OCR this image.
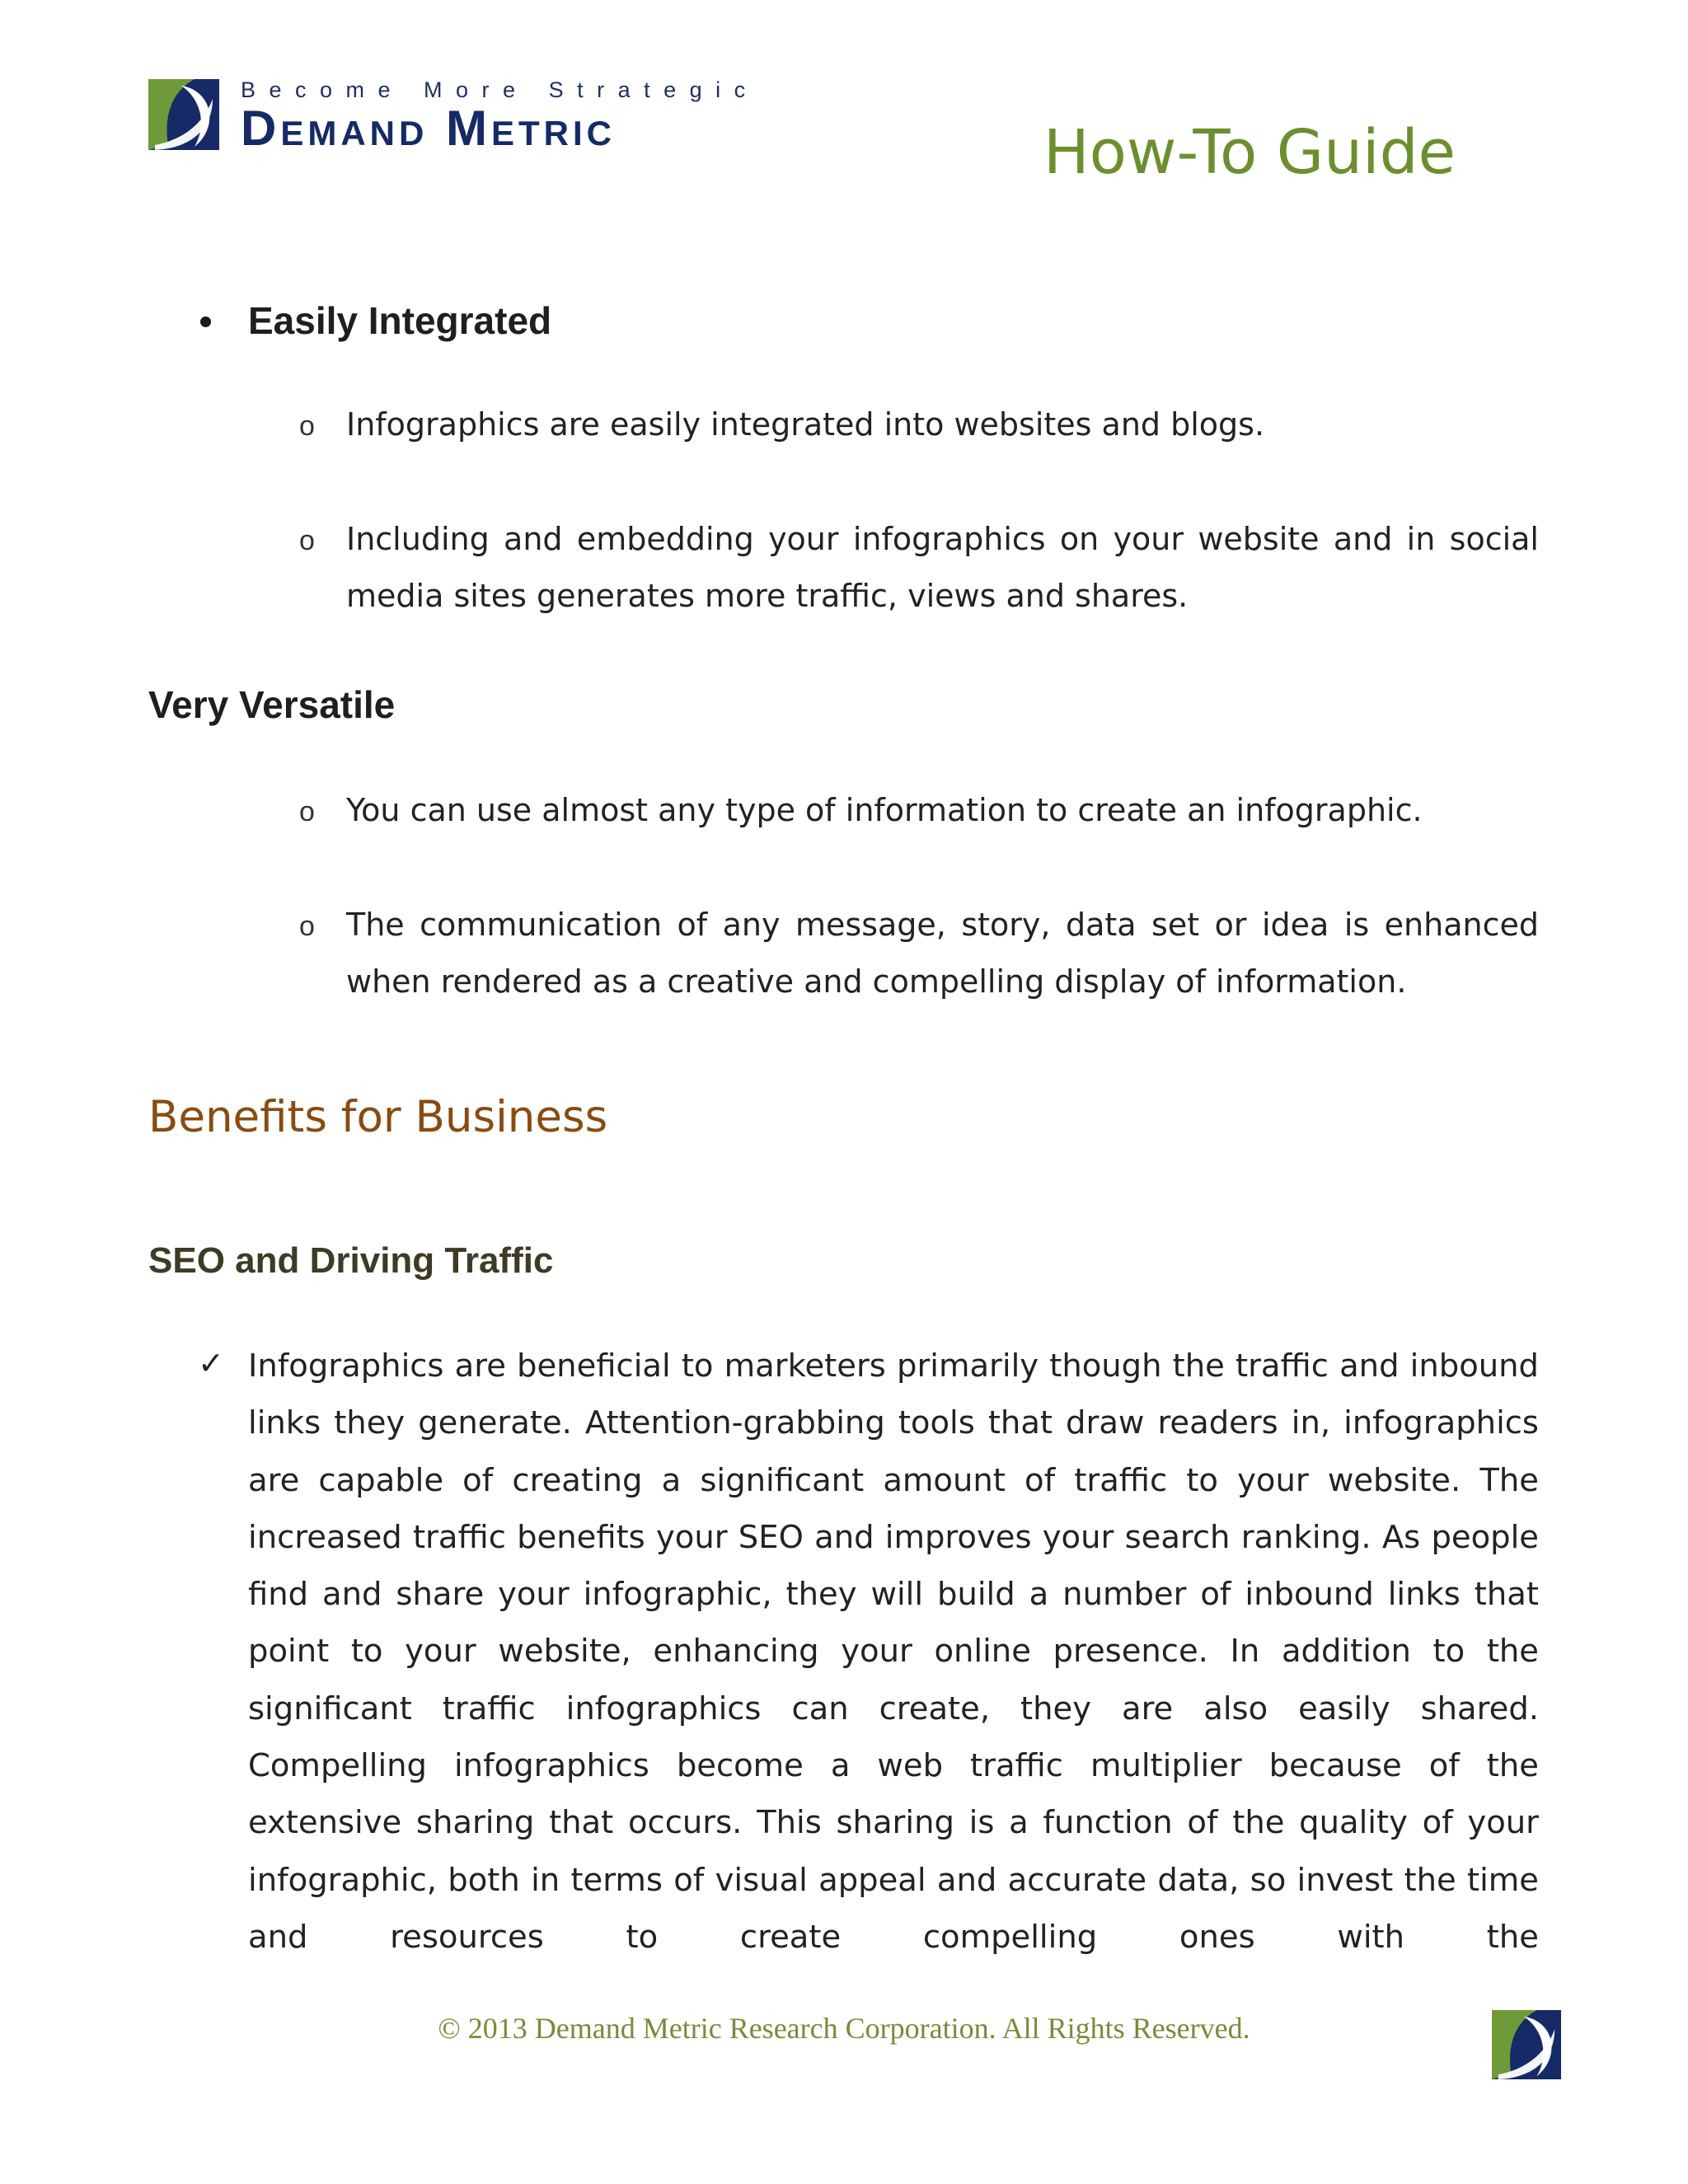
Become More Strategic
Demand Metric	How-To Guide
Easily Integrated
o Infographics are easily integrated into websites and blogs.
o Including and embedding your infographics on your website and in social media sites generates more traffic, views and shares.
Very Versatile
o You can use almost any type of information to create an infographic.
o The communication of any message, story, data set or idea is enhanced when rendered as a creative and compelling display of information.
Benefits for Business
SEO and Driving Traffic
✓ Infographics are beneficial to marketers primarily though the traffic and inbound links they generate. Attention-grabbing tools that draw readers in, infographics are capable of creating a significant amount of traffic to your website. The increased traffic benefits your SEO and improves your search ranking. As people find and share your infographic, they will build a number of inbound links that point to your website, enhancing your online presence. In addition to the significant traffic infographics can create, they are also easily shared. Compelling infographics become a web traffic multiplier because of the extensive sharing that occurs. This sharing is a function of the quality of your infographic, both in terms of visual appeal and accurate data, so invest the time and resources to create compelling ones with the
© 2013 Demand Metric Research Corporation. All Rights Reserved.
